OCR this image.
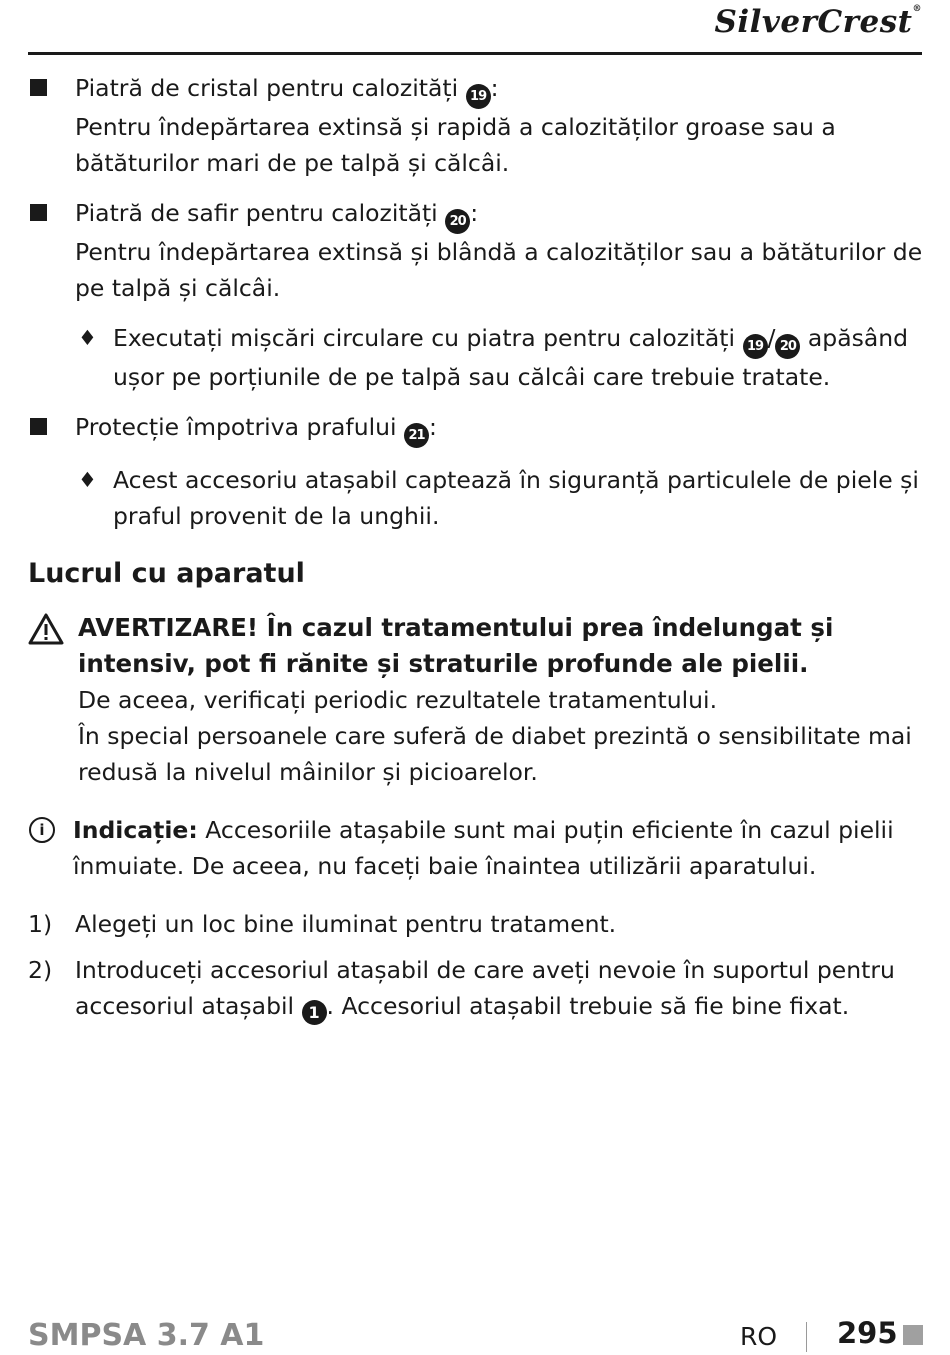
SilverCrest®
Piatră de cristal pentru calozități 19 :
Pentru îndepărtarea extinsă și rapidă a calozităților groase sau a bătăturilor mari de pe talpă și călcâi.
Piatră de safir pentru calozități 20 :
Pentru îndepărtarea extinsă și blândă a calozităților sau a bătăturilor de pe talpă și călcâi.
♦ Executați mișcări circulare cu piatra pentru calozități 19 / 20 apăsând ușor pe porțiunile de pe talpă sau călcâi care trebuie tratate.
Protecție împotriva prafului 21 :
♦ Acest accesoriu atașabil captează în siguranță particulele de piele și praful provenit de la unghii.
Lucrul cu aparatul
AVERTIZARE! În cazul tratamentului prea îndelungat și intensiv, pot fi rănite și straturile profunde ale pielii.
De aceea, verificați periodic rezultatele tratamentului.
În special persoanele care suferă de diabet prezintă o sensibilitate mai redusă la nivelul mâinilor și picioarelor.
i	Indicație: Accesoriile atașabile sunt mai puțin eficiente în cazul pielii înmuiate. De aceea, nu faceți baie înaintea utilizării aparatului.
1) Alegeți un loc bine iluminat pentru tratament.
2) Introduceți accesoriul atașabil de care aveți nevoie în suportul pentru accesoriul atașabil 1 . Accesoriul atașabil trebuie să fie bine fixat.
SMPSA 3.7 A1	RO 295
